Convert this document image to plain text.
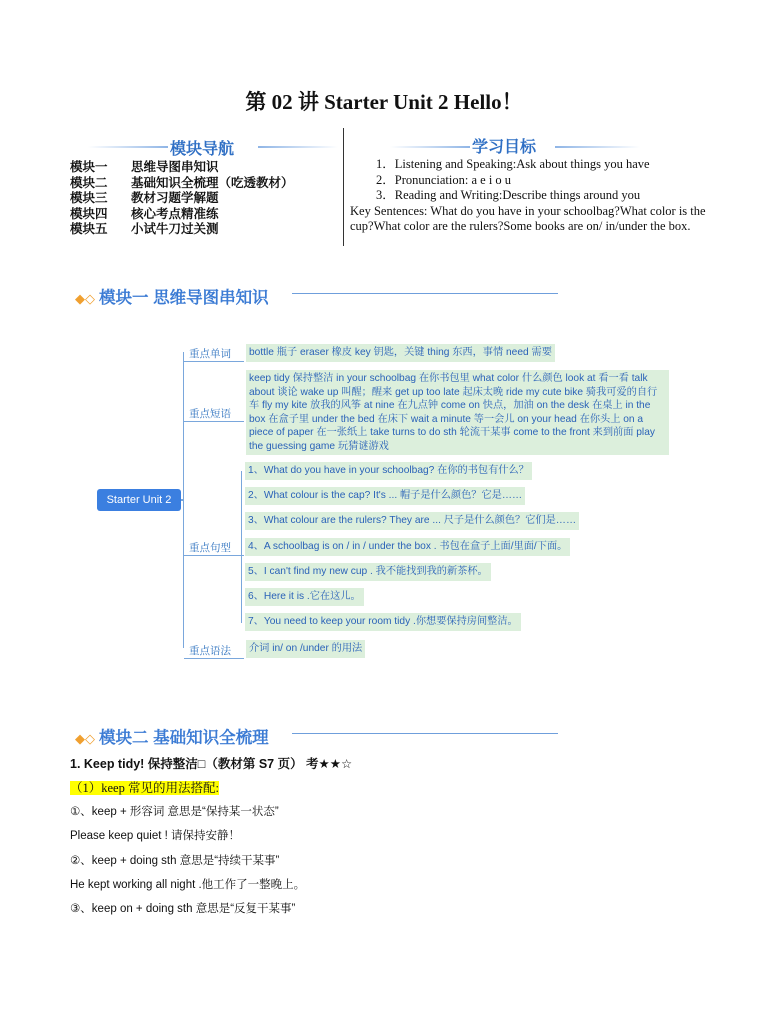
第 02 讲 Starter Unit 2 Hello！
模块导航	学习目标
模块一 思维导图串知识
模块二 基础知识全梳理（吃透教材）
模块三 教材习题学解题
模块四 核心考点精准练
模块五 小试牛刀过关测
1．Listening and Speaking:Ask about things you have
2．Pronunciation: a e i o u
3．Reading and Writing:Describe things around you
Key Sentences: What do you have in your schoolbag?What color is the cup?What color are the rulers?Some books are on/ in/under the box.
◆◇ 模块一 思维导图串知识
Starter Unit 2
重点单词
重点短语
重点句型
重点语法
bottle 瓶子 eraser 橡皮 key 钥匙，关键 thing 东西，事情 need 需要
keep tidy 保持整洁 in your schoolbag 在你书包里 what color 什么颜色 look at 看一看 talk about 谈论 wake up 叫醒；醒来 get up too late 起床太晚 ride my cute bike 骑我可爱的自行车 fly my kite 放我的风筝 at nine 在九点钟 come on 快点，加油 on the desk 在桌上 in the box 在盒子里 under the bed 在床下 wait a minute 等一会儿 on your head 在你头上 on a piece of paper 在一张纸上 take turns to do sth 轮流干某事 come to the front 来到前面 play the guessing game 玩猜谜游戏
1、What do you have in your schoolbag? 在你的书包有什么？
2、What colour is the cap? It's ... 帽子是什么颜色？它是……
3、What colour are the rulers? They are ... 尺子是什么颜色？它们是……
4、A schoolbag is on / in / under the box . 书包在盒子上面/里面/下面。
5、I can't find my new cup . 我不能找到我的新茶杯。
6、Here it is .它在这儿。
7、You need to keep your room tidy .你想要保持房间整洁。
介词 in/ on /under 的用法
◆◇ 模块二 基础知识全梳理
1. Keep tidy! 保持整洁□（教材第 S7 页） 考★★☆
（1）keep 常见的用法搭配:
①、keep + 形容词 意思是“保持某一状态”
Please keep quiet ! 请保持安静！
②、keep + doing sth 意思是“持续干某事”
He kept working all night .他工作了一整晚上。
③、keep on + doing sth 意思是“反复干某事”
